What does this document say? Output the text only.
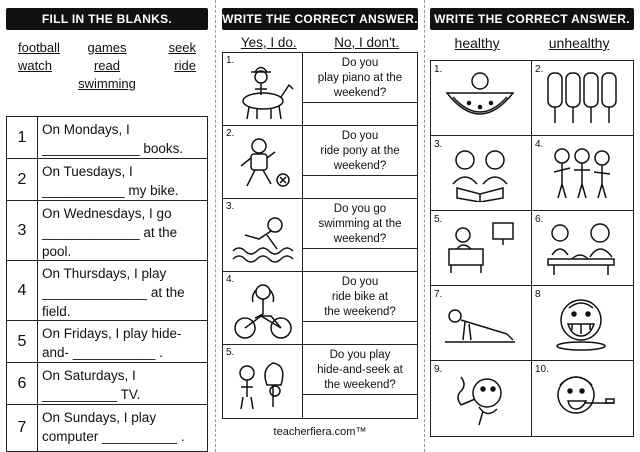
FILL IN THE BLANKS.
football	games	seek
watch	read	ride
swimming
1	On Mondays, I
_____________ books.
2	On Tuesdays, I
___________ my bike.
3
On Wednesdays, I go
_____________ at the
pool.
4
On Thursdays, I play
______________ at the
field.
5	On Fridays, I play hide-
and- ___________ .
6	On Saturdays, I
__________ TV.
7
On Sundays, I play
computer __________ .
WRITE THE CORRECT ANSWER.
Yes, I do.	No, I don't.
1.	Do you
play piano at the
weekend?
2.	Do you
ride pony at the
weekend?
3.	Do you go
swimming at the
weekend?
4.	Do you
ride bike at
the weekend?
5.	Do you play
hide-and-seek at
the weekend?
teacherfiera.com™
WRITE THE CORRECT ANSWER.
healthy	unhealthy
1.	2.
3.	4.
5.	6.
7.	8
9.	10.
